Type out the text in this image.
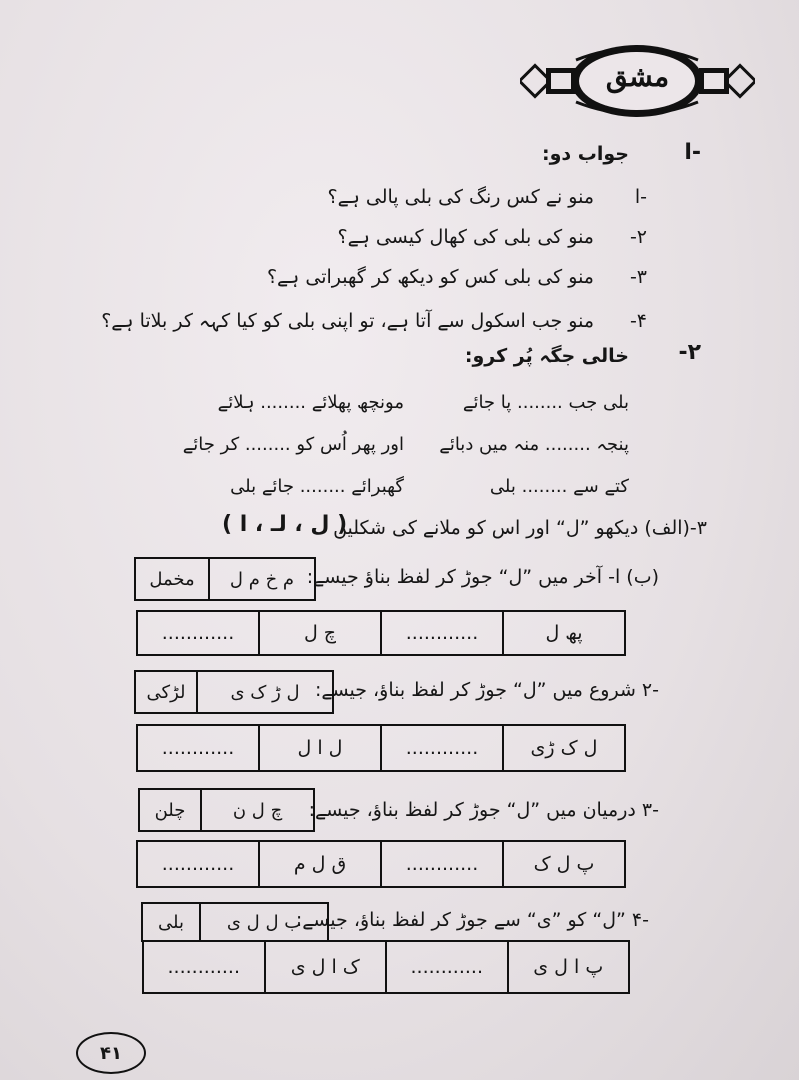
مشق
-ا
جواب دو:
-ا
منو نے کس رنگ کی بلی پالی ہے؟
-۲
منو کی بلی کی کھال کیسی ہے؟
-۳
منو کی بلی کس کو دیکھ کر گھبراتی ہے؟
-۴
منو جب اسکول سے آتا ہے، تو اپنی بلی کو کیا کہہ کر بلاتا ہے؟
-۲
خالی جگہ پُر کرو:
بلی جب ........ پا جائے
مونچھ پھلائے ........ ہلائے
پنجہ ........ منہ میں دبائے
اور پھر اُس کو ........ کر جائے
کتے سے ........ بلی
گھبرائے ........ جائے بلی
۳-(الف) دیکھو ”ل“ اور اس کو ملانے کی شکلیں
( ل ، لـ ، ا )
(ب) ا- آخر میں ”ل“ جوڑ کر لفظ بناؤ جیسے:
م خ م ل
مخمل
پھ ل
............
چ ل
............
-۲ شروع میں ”ل“ جوڑ کر لفظ بناؤ، جیسے:
ل ڑ ک ی
لڑکی
ل ک ڑی
............
ل ا ل
............
-۳ درمیان میں ”ل“ جوڑ کر لفظ بناؤ، جیسے:
چ ل ن
چلن
پ ل ک
............
ق ل م
............
-۴ ”ل“ کو ”ی“ سے جوڑ کر لفظ بناؤ، جیسے:
ب ل ل ی
بلی
پ ا ل ی
............
ک ا ل ی
............
۴۱
